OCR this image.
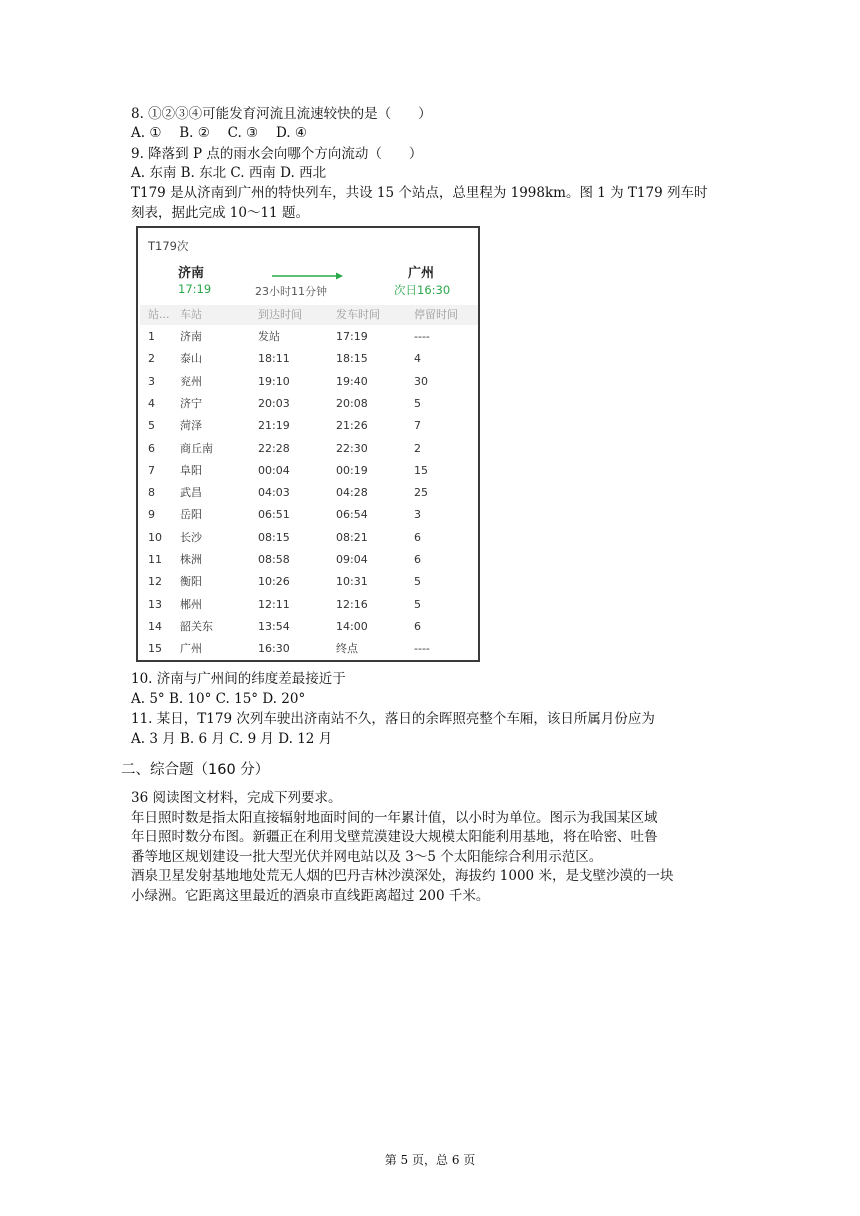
8. ①②③④可能发育河流且流速较快的是（　　）
A. ①　 B. ②　 C. ③　 D. ④
9. 降落到 P 点的雨水会向哪个方向流动（　　）
A. 东南 B. 东北 C. 西南 D. 西北
T179 是从济南到广州的特快列车，共设 15 个站点，总里程为 1998km。图 1 为 T179 列车时
刻表，据此完成 10～11 题。
T179次
济南
17:19	23小时11分钟
广州
次日16:30
站... 车站	到达时间	发车时间	停留时间
1 济南	发站	17:19	----
2 泰山	18:11	18:15	4
3 兖州	19:10	19:40	30
4 济宁	20:03	20:08	5
5 菏泽	21:19	21:26	7
6 商丘南	22:28	22:30	2
7 阜阳	00:04	00:19	15
8 武昌	04:03	04:28	25
9 岳阳	06:51	06:54	3
10 长沙	08:15	08:21	6
11 株洲	08:58	09:04	6
12 衡阳	10:26	10:31	5
13 郴州	12:11	12:16	5
14 韶关东	13:54	14:00	6
15 广州	16:30	终点	----
10. 济南与广州间的纬度差最接近于
A. 5° B. 10° C. 15° D. 20°
11. 某日，T179 次列车驶出济南站不久，落日的余晖照亮整个车厢，该日所属月份应为
A. 3 月 B. 6 月 C. 9 月 D. 12 月
二、综合题（160 分）
36 阅读图文材料，完成下列要求。
年日照时数是指太阳直接辐射地面时间的一年累计值，以小时为单位。图示为我国某区域
年日照时数分布图。新疆正在利用戈壁荒漠建设大规模太阳能利用基地，将在哈密、吐鲁
番等地区规划建设一批大型光伏并网电站以及 3～5 个太阳能综合利用示范区。
酒泉卫星发射基地地处荒无人烟的巴丹吉林沙漠深处，海拔约 1000 米，是戈壁沙漠的一块
小绿洲。它距离这里最近的酒泉市直线距离超过 200 千米。
第 5 页，总 6 页
